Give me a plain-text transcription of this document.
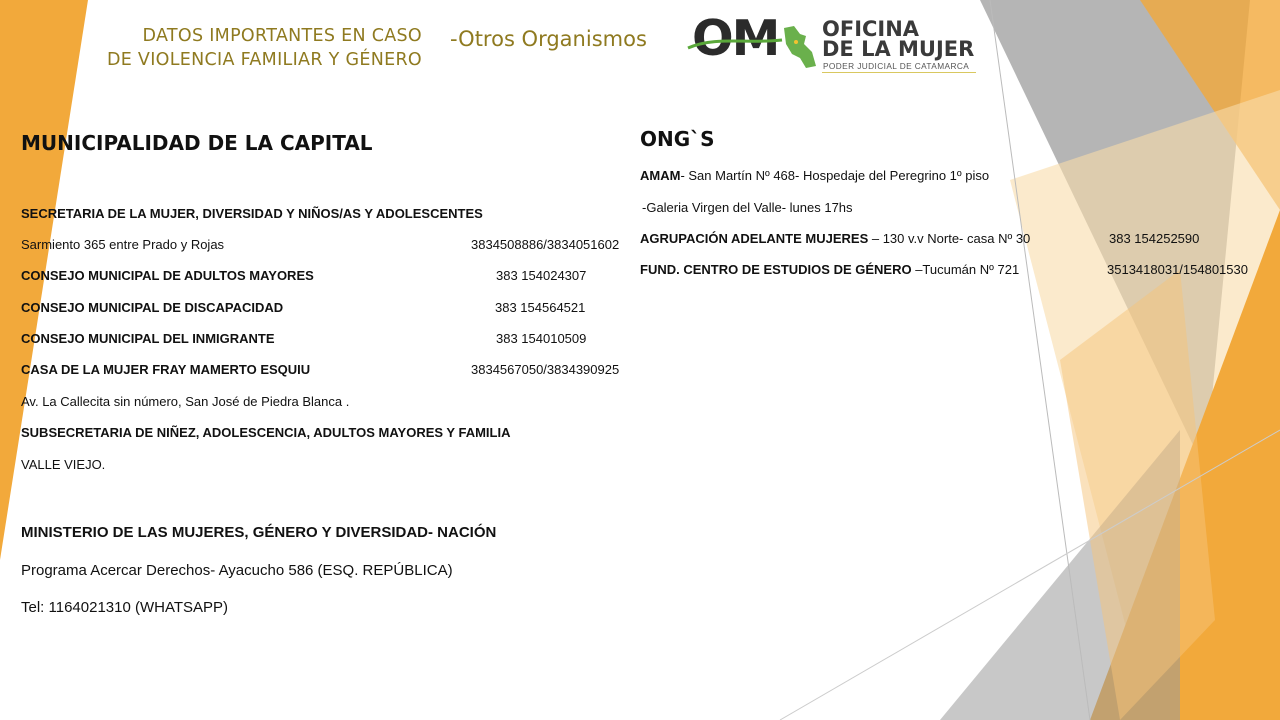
DATOS IMPORTANTES EN CASO
DE VIOLENCIA FAMILIAR Y GÉNERO
-Otros Organismos OM OFICINA
DE LA MUJER
PODER JUDICIAL DE CATAMARCA
MUNICIPALIDAD DE LA CAPITAL
SECRETARIA DE LA MUJER, DIVERSIDAD Y NIÑOS/AS Y ADOLESCENTES
Sarmiento 365 entre Prado y Rojas	3834508886/3834051602
CONSEJO MUNICIPAL DE ADULTOS MAYORES	383 154024307
CONSEJO MUNICIPAL DE DISCAPACIDAD	383 154564521
CONSEJO MUNICIPAL DEL INMIGRANTE	383 154010509
CASA DE LA MUJER FRAY MAMERTO ESQUIU	3834567050/3834390925
Av. La Callecita sin número, San José de Piedra Blanca .
SUBSECRETARIA DE NIÑEZ, ADOLESCENCIA, ADULTOS MAYORES Y FAMILIA
VALLE VIEJO.
MINISTERIO DE LAS MUJERES, GÉNERO Y DIVERSIDAD- NACIÓN
Programa Acercar Derechos- Ayacucho 586 (ESQ. REPÚBLICA)
Tel: 1164021310 (WHATSAPP)
ONG`S
AMAM- San Martín Nº 468- Hospedaje del Peregrino 1º piso
-Galeria Virgen del Valle- lunes 17hs
AGRUPACIÓN ADELANTE MUJERES – 130 v.v Norte- casa Nº 30	383 154252590
FUND. CENTRO DE ESTUDIOS DE GÉNERO –Tucumán Nº 721	3513418031/154801530
